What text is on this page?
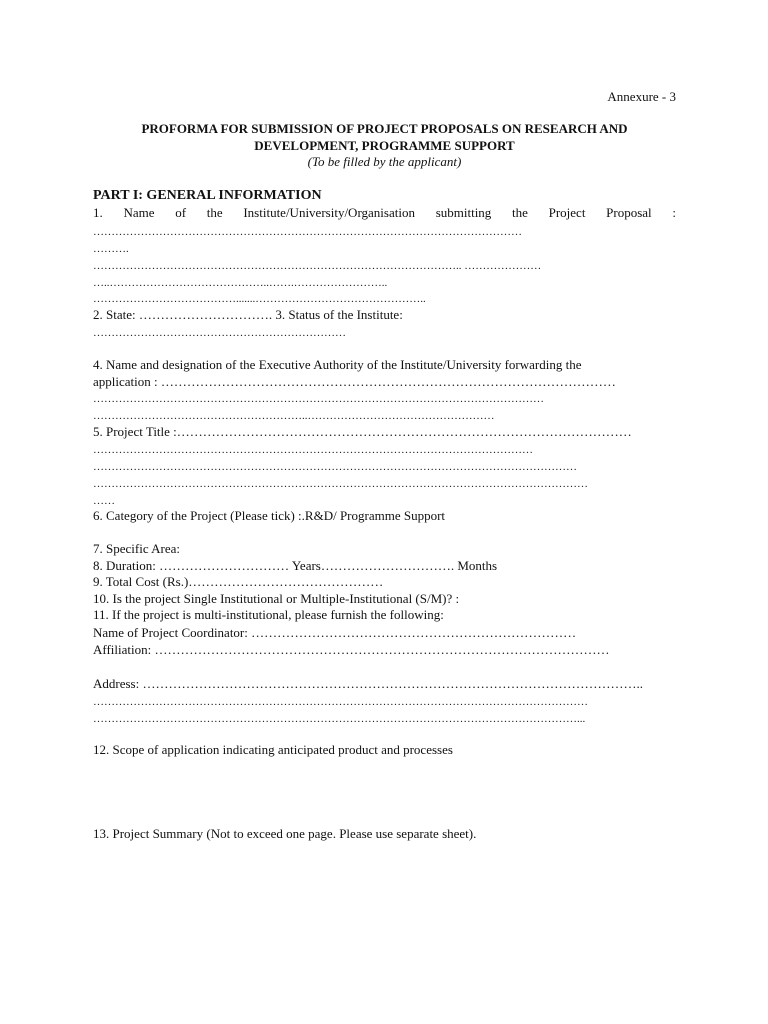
Annexure - 3
PROFORMA FOR SUBMISSION OF PROJECT PROPOSALS ON RESEARCH AND
DEVELOPMENT, PROGRAMME SUPPORT
(To be filled by the applicant)
PART I: GENERAL INFORMATION
1. Name of the Institute/University/Organisation submitting the Project Proposal :
………………………………………………………………………………………………………
……….
……………………………………………………………………………………….. …………………
…..……………………………………..…….……………………..
………………………………….......………………………………………..
2. State: …………………………. 3. Status of the Institute:
……………………………………………………………
4. Name and designation of the Executive Authority of the Institute/University forwarding the
application : ……………………………………………………………………………………………
……………………………………………………………………………………………………………
…………………………………………………..……………………………………………
5. Project Title :……………………………………………………………………………………………
…………………………………………………………………………………………………………
……………………………………………………………………………………………………………………
………………………………………………………………………………………………………………………
……
6. Category of the Project (Please tick) :.R&D/ Programme Support
7. Specific Area:
8. Duration: ………………………… Years…………………………. Months
9. Total Cost (Rs.)………………………………………
10. Is the project Single Institutional or Multiple-Institutional (S/M)? :
11. If the project is multi-institutional, please furnish the following:
Name of Project Coordinator: …………………………………………………………………
Affiliation: ……………………………………………………………………………………………
Address: ……………………………………………………………………………………………………..
………………………………………………………………………………………………………………………
……………………………………………………………………………………………………………………...
12. Scope of application indicating anticipated product and processes
13. Project Summary (Not to exceed one page. Please use separate sheet).
